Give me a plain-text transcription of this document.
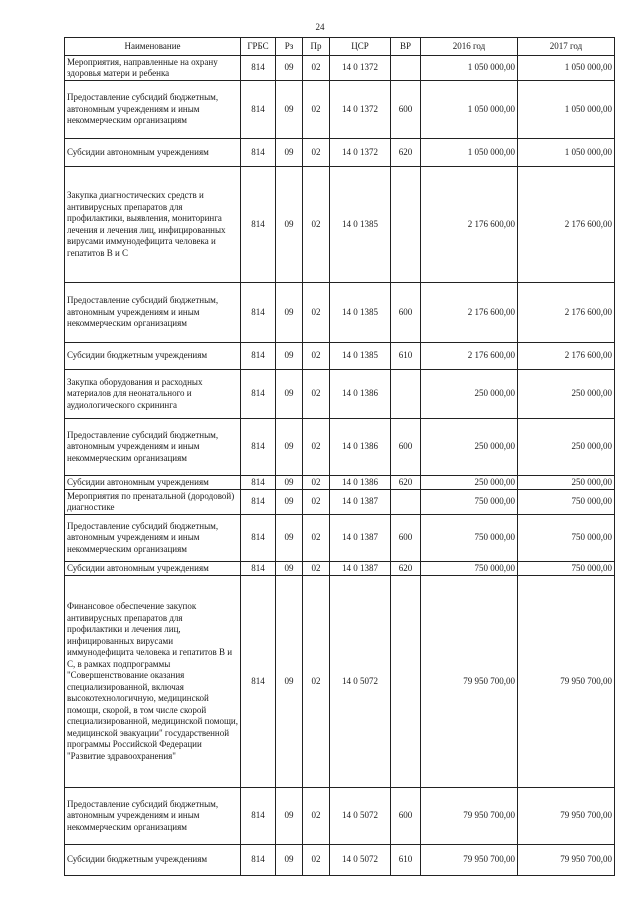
24
Наименование	ГРБС	Рз	Пр	ЦСР	ВР	2016 год	2017 год
Мероприятия, направленные на охрану здоровья матери и ребенка	814	09	02	14 0 1372		1 050 000,00	1 050 000,00
Предоставление субсидий бюджетным, автономным учреждениям и иным некоммерческим организациям	814	09	02	14 0 1372	600	1 050 000,00	1 050 000,00
Субсидии автономным учреждениям	814	09	02	14 0 1372	620	1 050 000,00	1 050 000,00
Закупка диагностических средств и антивирусных препаратов для профилактики, выявления, мониторинга лечения и лечения лиц, инфицированных вирусами иммунодефицита человека и гепатитов В и С	814	09	02	14 0 1385		2 176 600,00	2 176 600,00
Предоставление субсидий бюджетным, автономным учреждениям и иным некоммерческим организациям	814	09	02	14 0 1385	600	2 176 600,00	2 176 600,00
Субсидии бюджетным учреждениям	814	09	02	14 0 1385	610	2 176 600,00	2 176 600,00
Закупка оборудования и расходных материалов для неонатального и аудиологического скрининга	814	09	02	14 0 1386		250 000,00	250 000,00
Предоставление субсидий бюджетным, автономным учреждениям и иным некоммерческим организациям	814	09	02	14 0 1386	600	250 000,00	250 000,00
Субсидии автономным учреждениям	814	09	02	14 0 1386	620	250 000,00	250 000,00
Мероприятия по пренатальной (дородовой) диагностике	814	09	02	14 0 1387		750 000,00	750 000,00
Предоставление субсидий бюджетным, автономным учреждениям и иным некоммерческим организациям	814	09	02	14 0 1387	600	750 000,00	750 000,00
Субсидии автономным учреждениям	814	09	02	14 0 1387	620	750 000,00	750 000,00
Финансовое обеспечение закупок антивирусных препаратов для профилактики и лечения лиц, инфицированных вирусами иммунодефицита человека и гепатитов В и С, в рамках подпрограммы "Совершенствование оказания специализированной, включая высокотехнологичную, медицинской помощи, скорой, в том числе скорой специализированной, медицинской помощи, медицинской эвакуации" государственной программы Российской Федерации "Развитие здравоохранения"	814	09	02	14 0 5072		79 950 700,00	79 950 700,00
Предоставление субсидий бюджетным, автономным учреждениям и иным некоммерческим организациям	814	09	02	14 0 5072	600	79 950 700,00	79 950 700,00
Субсидии бюджетным учреждениям	814	09	02	14 0 5072	610	79 950 700,00	79 950 700,00
